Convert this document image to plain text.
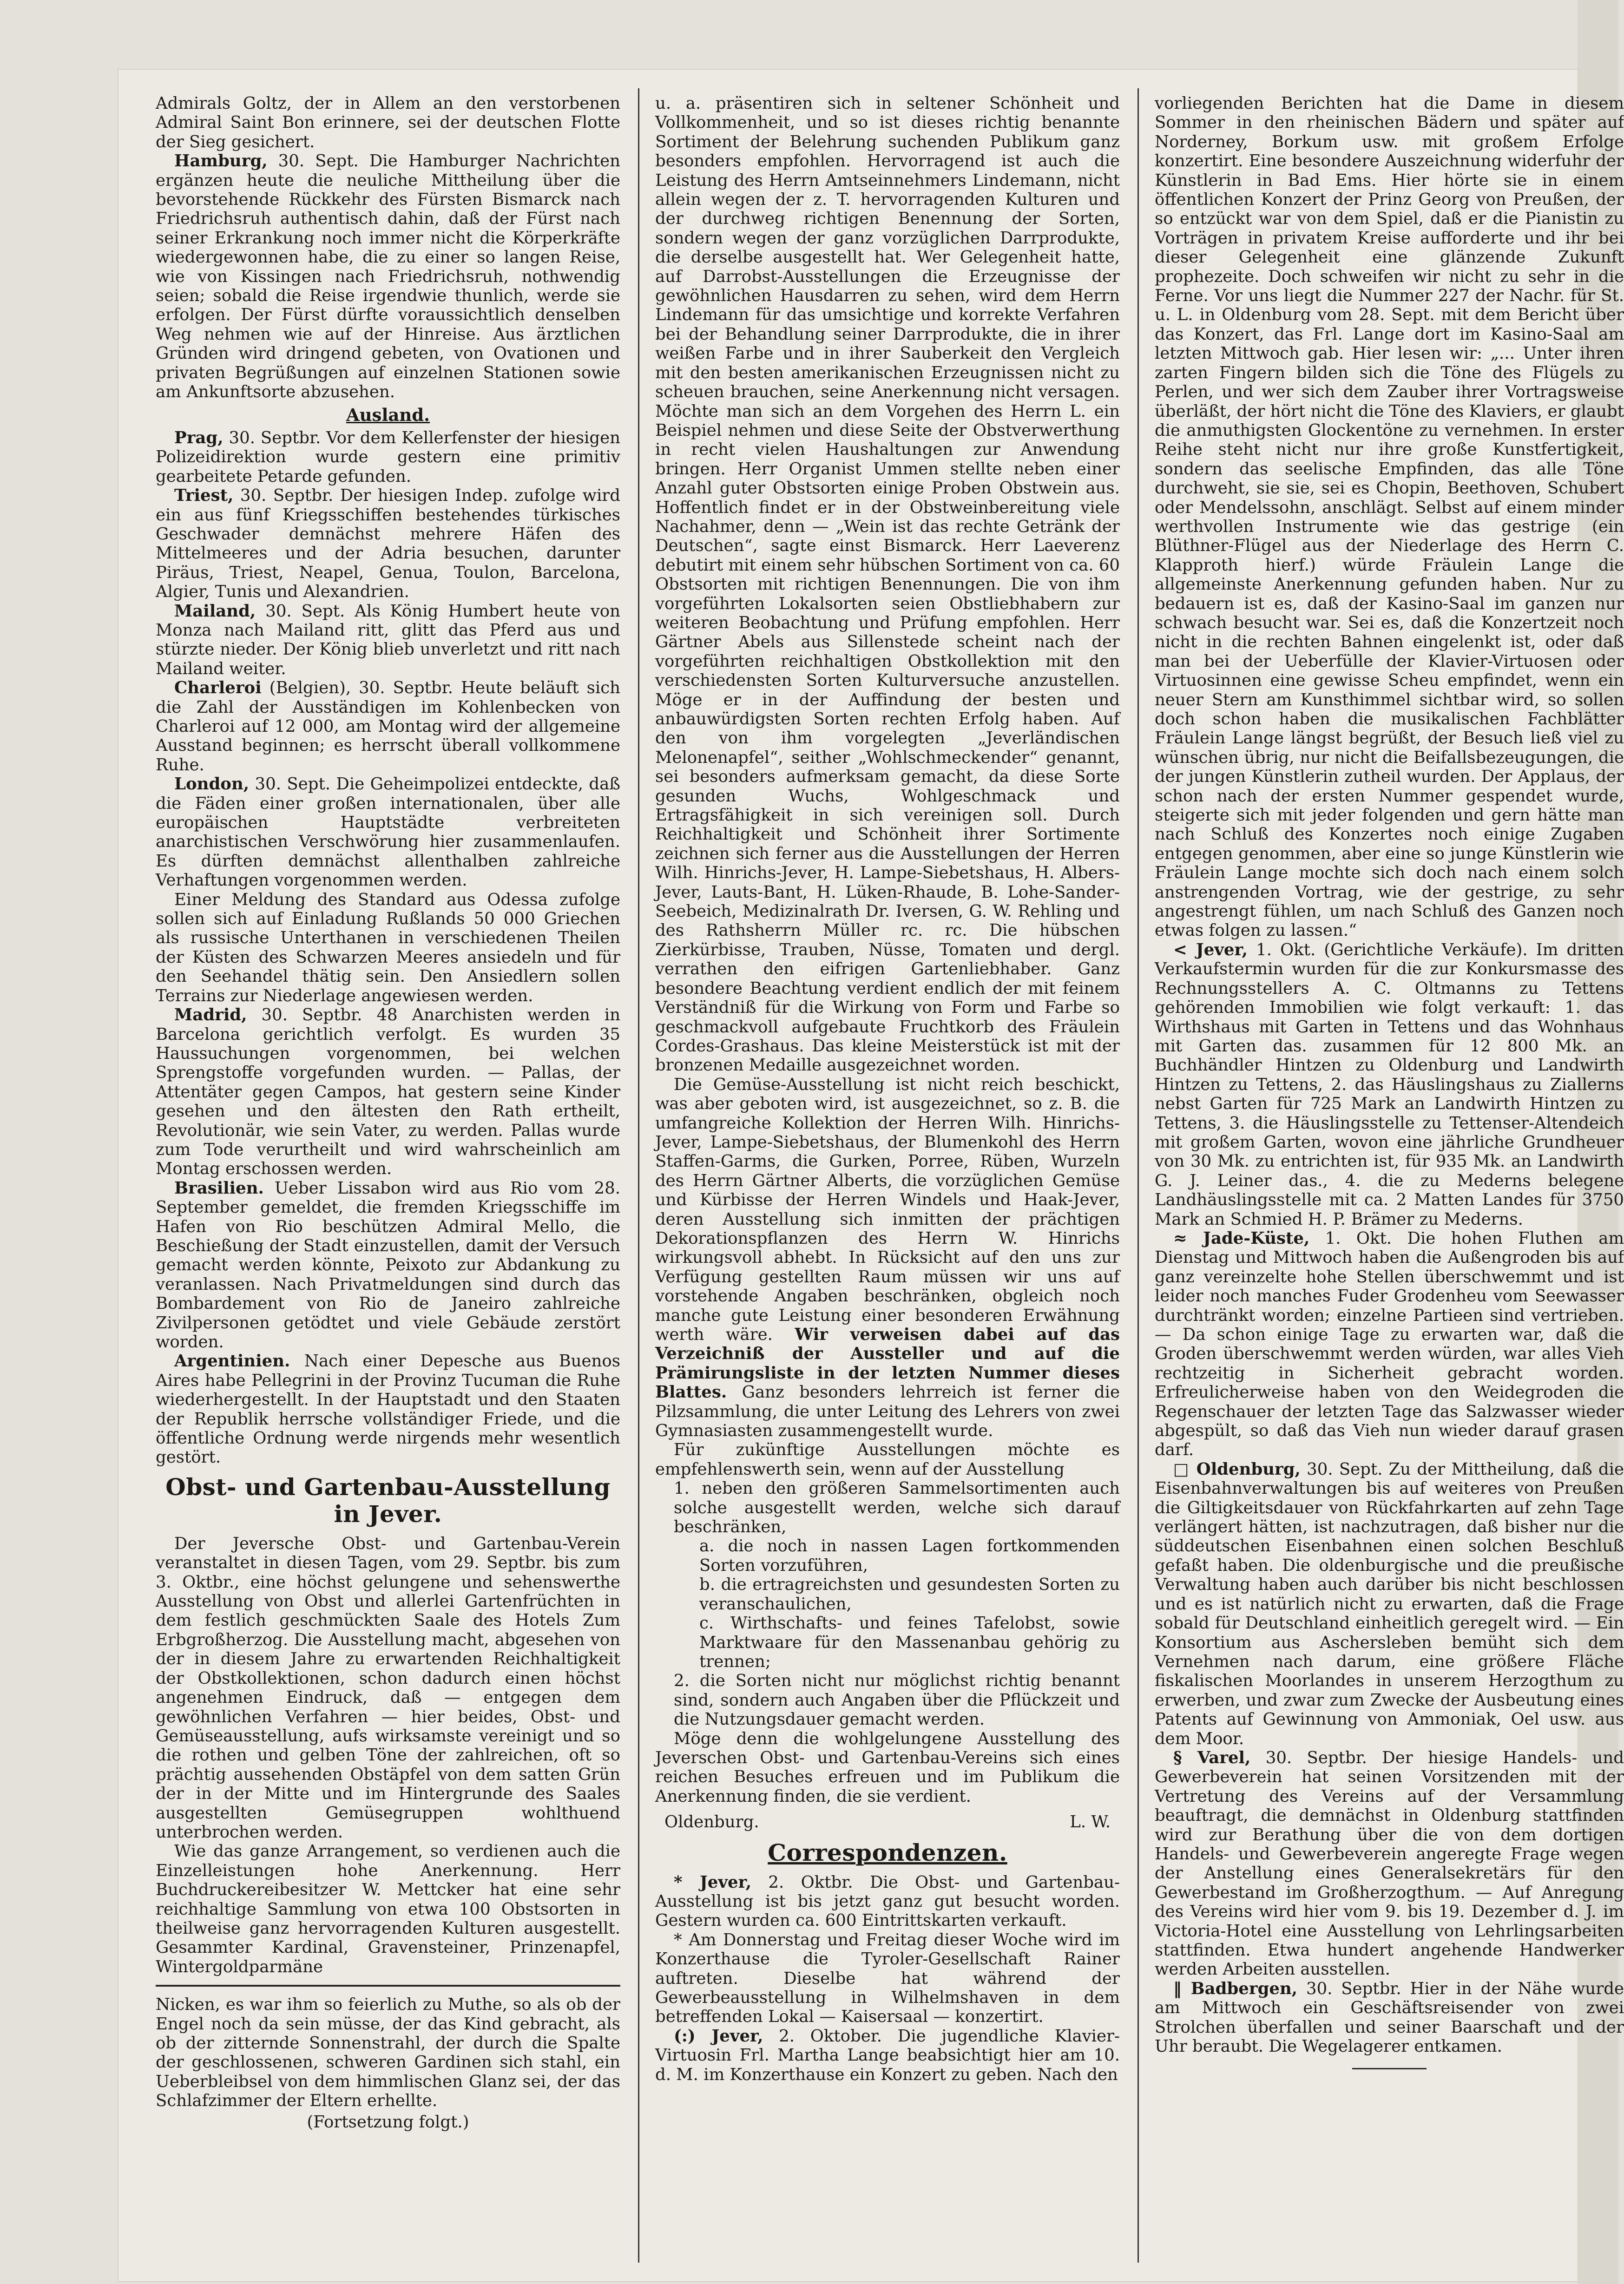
Admirals Goltz, der in Allem an den verstorbenen Admiral Saint Bon erinnere, sei der deutschen Flotte der Sieg gesichert.

Hamburg, 30. Sept. Die Hamburger Nachrichten ergänzen heute die neuliche Mittheilung über die bevorstehende Rückkehr des Fürsten Bismarck nach Friedrichsruh authentisch dahin, daß der Fürst nach seiner Erkrankung noch immer nicht die Körperkräfte wiedergewonnen habe, die zu einer so langen Reise, wie von Kissingen nach Friedrichsruh, nothwendig seien; sobald die Reise irgendwie thunlich, werde sie erfolgen. Der Fürst dürfte voraussichtlich denselben Weg nehmen wie auf der Hinreise. Aus ärztlichen Gründen wird dringend gebeten, von Ovationen und privaten Begrüßungen auf einzelnen Stationen sowie am Ankunftsorte abzusehen.

Ausland.

Prag, 30. Septbr. Vor dem Kellerfenster der hiesigen Polizeidirektion wurde gestern eine primitiv gearbeitete Petarde gefunden.

Triest, 30. Septbr. Der hiesigen Indep. zufolge wird ein aus fünf Kriegsschiffen bestehendes türkisches Geschwader demnächst mehrere Häfen des Mittelmeeres und der Adria besuchen, darunter Piräus, Triest, Neapel, Genua, Toulon, Barcelona, Algier, Tunis und Alexandrien.

Mailand, 30. Sept. Als König Humbert heute von Monza nach Mailand ritt, glitt das Pferd aus und stürzte nieder. Der König blieb unverletzt und ritt nach Mailand weiter.

Charleroi (Belgien), 30. Septbr. Heute beläuft sich die Zahl der Ausständigen im Kohlenbecken von Charleroi auf 12 000, am Montag wird der allgemeine Ausstand beginnen; es herrscht überall vollkommene Ruhe.

London, 30. Sept. Die Geheimpolizei entdeckte, daß die Fäden einer großen internationalen, über alle europäischen Hauptstädte verbreiteten anarchistischen Verschwörung hier zusammenlaufen. Es dürften demnächst allenthalben zahlreiche Verhaftungen vorgenommen werden.

Einer Meldung des Standard aus Odessa zufolge sollen sich auf Einladung Rußlands 50 000 Griechen als russische Unterthanen in verschiedenen Theilen der Küsten des Schwarzen Meeres ansiedeln und für den Seehandel thätig sein. Den Ansiedlern sollen Terrains zur Niederlage angewiesen werden.

Madrid, 30. Septbr. 48 Anarchisten werden in Barcelona gerichtlich verfolgt. Es wurden 35 Haussuchungen vorgenommen, bei welchen Sprengstoffe vorgefunden wurden. — Pallas, der Attentäter gegen Campos, hat gestern seine Kinder gesehen und den ältesten den Rath ertheilt, Revolutionär, wie sein Vater, zu werden. Pallas wurde zum Tode verurtheilt und wird wahrscheinlich am Montag erschossen werden.

Brasilien. Ueber Lissabon wird aus Rio vom 28. September gemeldet, die fremden Kriegsschiffe im Hafen von Rio beschützen Admiral Mello, die Beschießung der Stadt einzustellen, damit der Versuch gemacht werden könnte, Peixoto zur Abdankung zu veranlassen. Nach Privatmeldungen sind durch das Bombardement von Rio de Janeiro zahlreiche Zivilpersonen getödtet und viele Gebäude zerstört worden.

Argentinien. Nach einer Depesche aus Buenos Aires habe Pellegrini in der Provinz Tucuman die Ruhe wiederhergestellt. In der Hauptstadt und den Staaten der Republik herrsche vollständiger Friede, und die öffentliche Ordnung werde nirgends mehr wesentlich gestört.

Obst- und Gartenbau-Ausstellung in Jever.

Der Jeversche Obst- und Gartenbau-Verein veranstaltet in diesen Tagen, vom 29. Septbr. bis zum 3. Oktbr., eine höchst gelungene und sehenswerthe Ausstellung von Obst und allerlei Gartenfrüchten in dem festlich geschmückten Saale des Hotels Zum Erbgroßherzog. Die Ausstellung macht, abgesehen von der in diesem Jahre zu erwartenden Reichhaltigkeit der Obstkollektionen, schon dadurch einen höchst angenehmen Eindruck, daß — entgegen dem gewöhnlichen Verfahren — hier beides, Obst- und Gemüseausstellung, aufs wirksamste vereinigt und so die rothen und gelben Töne der zahlreichen, oft so prächtig aussehenden Obstäpfel von dem satten Grün der in der Mitte und im Hintergrunde des Saales ausgestellten Gemüsegruppen wohlthuend unterbrochen werden.

Wie das ganze Arrangement, so verdienen auch die Einzelleistungen hohe Anerkennung. Herr Buchdruckereibesitzer W. Mettcker hat eine sehr reichhaltige Sammlung von etwa 100 Obstsorten in theilweise ganz hervorragenden Kulturen ausgestellt. Gesammter Kardinal, Gravensteiner, Prinzenapfel, Wintergoldparmäne

Nicken, es war ihm so feierlich zu Muthe, so als ob der Engel noch da sein müsse, der das Kind gebracht, als ob der zitternde Sonnenstrahl, der durch die Spalte der geschlossenen, schweren Gardinen sich stahl, ein Ueberbleibsel von dem himmlischen Glanz sei, der das Schlafzimmer der Eltern erhellte.

(Fortsetzung folgt.)

u. a. präsentiren sich in seltener Schönheit und Vollkommenheit, und so ist dieses richtig benannte Sortiment der Belehrung suchenden Publikum ganz besonders empfohlen. Hervorragend ist auch die Leistung des Herrn Amtseinnehmers Lindemann, nicht allein wegen der z. T. hervorragenden Kulturen und der durchweg richtigen Benennung der Sorten, sondern wegen der ganz vorzüglichen Darrprodukte, die derselbe ausgestellt hat. Wer Gelegenheit hatte, auf Darrobst-Ausstellungen die Erzeugnisse der gewöhnlichen Hausdarren zu sehen, wird dem Herrn Lindemann für das umsichtige und korrekte Verfahren bei der Behandlung seiner Darrprodukte, die in ihrer weißen Farbe und in ihrer Sauberkeit den Vergleich mit den besten amerikanischen Erzeugnissen nicht zu scheuen brauchen, seine Anerkennung nicht versagen. Möchte man sich an dem Vorgehen des Herrn L. ein Beispiel nehmen und diese Seite der Obstverwerthung in recht vielen Haushaltungen zur Anwendung bringen. Herr Organist Ummen stellte neben einer Anzahl guter Obstsorten einige Proben Obstwein aus. Hoffentlich findet er in der Obstweinbereitung viele Nachahmer, denn — „Wein ist das rechte Getränk der Deutschen“, sagte einst Bismarck. Herr Laeverenz debutirt mit einem sehr hübschen Sortiment von ca. 60 Obstsorten mit richtigen Benennungen. Die von ihm vorgeführten Lokalsorten seien Obstliebhabern zur weiteren Beobachtung und Prüfung empfohlen. Herr Gärtner Abels aus Sillenstede scheint nach der vorgeführten reichhaltigen Obstkollektion mit den verschiedensten Sorten Kulturversuche anzustellen. Möge er in der Auffindung der besten und anbauwürdigsten Sorten rechten Erfolg haben. Auf den von ihm vorgelegten „Jeverländischen Melonenapfel“, seither „Wohlschmeckender“ genannt, sei besonders aufmerksam gemacht, da diese Sorte gesunden Wuchs, Wohlgeschmack und Ertragsfähigkeit in sich vereinigen soll. Durch Reichhaltigkeit und Schönheit ihrer Sortimente zeichnen sich ferner aus die Ausstellungen der Herren Wilh. Hinrichs-Jever, H. Lampe-Siebetshaus, H. Albers-Jever, Lauts-Bant, H. Lüken-Rhaude, B. Lohe-Sander-Seebeich, Medizinalrath Dr. Iversen, G. W. Rehling und des Rathsherrn Müller rc. rc. Die hübschen Zierkürbisse, Trauben, Nüsse, Tomaten und dergl. verrathen den eifrigen Gartenliebhaber. Ganz besondere Beachtung verdient endlich der mit feinem Verständniß für die Wirkung von Form und Farbe so geschmackvoll aufgebaute Fruchtkorb des Fräulein Cordes-Grashaus. Das kleine Meisterstück ist mit der bronzenen Medaille ausgezeichnet worden.

Die Gemüse-Ausstellung ist nicht reich beschickt, was aber geboten wird, ist ausgezeichnet, so z. B. die umfangreiche Kollektion der Herren Wilh. Hinrichs-Jever, Lampe-Siebetshaus, der Blumenkohl des Herrn Staffen-Garms, die Gurken, Porree, Rüben, Wurzeln des Herrn Gärtner Alberts, die vorzüglichen Gemüse und Kürbisse der Herren Windels und Haak-Jever, deren Ausstellung sich inmitten der prächtigen Dekorationspflanzen des Herrn W. Hinrichs wirkungsvoll abhebt. In Rücksicht auf den uns zur Verfügung gestellten Raum müssen wir uns auf vorstehende Angaben beschränken, obgleich noch manche gute Leistung einer besonderen Erwähnung werth wäre. Wir verweisen dabei auf das Verzeichniß der Aussteller und auf die Prämirungsliste in der letzten Nummer dieses Blattes. Ganz besonders lehrreich ist ferner die Pilzsammlung, die unter Leitung des Lehrers von zwei Gymnasiasten zusammengestellt wurde.

Für zukünftige Ausstellungen möchte es empfehlenswerth sein, wenn auf der Ausstellung

1. neben den größeren Sammelsortimenten auch solche ausgestellt werden, welche sich darauf beschränken,

a. die noch in nassen Lagen fortkommenden Sorten vorzuführen,

b. die ertragreichsten und gesundesten Sorten zu veranschaulichen,

c. Wirthschafts- und feines Tafelobst, sowie Marktwaare für den Massenanbau gehörig zu trennen;

2. die Sorten nicht nur möglichst richtig benannt sind, sondern auch Angaben über die Pflückzeit und die Nutzungsdauer gemacht werden.

Möge denn die wohlgelungene Ausstellung des Jeverschen Obst- und Gartenbau-Vereins sich eines reichen Besuches erfreuen und im Publikum die Anerkennung finden, die sie verdient.

Oldenburg.	L. W.
Correspondenzen.

* Jever, 2. Oktbr. Die Obst- und Gartenbau-Ausstellung ist bis jetzt ganz gut besucht worden. Gestern wurden ca. 600 Eintrittskarten verkauft.

* Am Donnerstag und Freitag dieser Woche wird im Konzerthause die Tyroler-Gesellschaft Rainer auftreten. Dieselbe hat während der Gewerbeausstellung in Wilhelmshaven in dem betreffenden Lokal — Kaisersaal — konzertirt.

(:) Jever, 2. Oktober. Die jugendliche Klavier-Virtuosin Frl. Martha Lange beabsichtigt hier am 10. d. M. im Konzerthause ein Konzert zu geben. Nach den

vorliegenden Berichten hat die Dame in diesem Sommer in den rheinischen Bädern und später auf Norderney, Borkum usw. mit großem Erfolge konzertirt. Eine besondere Auszeichnung widerfuhr der Künstlerin in Bad Ems. Hier hörte sie in einem öffentlichen Konzert der Prinz Georg von Preußen, der so entzückt war von dem Spiel, daß er die Pianistin zu Vorträgen in privatem Kreise aufforderte und ihr bei dieser Gelegenheit eine glänzende Zukunft prophezeite. Doch schweifen wir nicht zu sehr in die Ferne. Vor uns liegt die Nummer 227 der Nachr. für St. u. L. in Oldenburg vom 28. Sept. mit dem Bericht über das Konzert, das Frl. Lange dort im Kasino-Saal am letzten Mittwoch gab. Hier lesen wir: „... Unter ihren zarten Fingern bilden sich die Töne des Flügels zu Perlen, und wer sich dem Zauber ihrer Vortragsweise überläßt, der hört nicht die Töne des Klaviers, er glaubt die anmuthigsten Glockentöne zu vernehmen. In erster Reihe steht nicht nur ihre große Kunstfertigkeit, sondern das seelische Empfinden, das alle Töne durchweht, sie sie, sei es Chopin, Beethoven, Schubert oder Mendelssohn, anschlägt. Selbst auf einem minder werthvollen Instrumente wie das gestrige (ein Blüthner-Flügel aus der Niederlage des Herrn C. Klapproth hierf.) würde Fräulein Lange die allgemeinste Anerkennung gefunden haben. Nur zu bedauern ist es, daß der Kasino-Saal im ganzen nur schwach besucht war. Sei es, daß die Konzertzeit noch nicht in die rechten Bahnen eingelenkt ist, oder daß man bei der Ueberfülle der Klavier-Virtuosen oder Virtuosinnen eine gewisse Scheu empfindet, wenn ein neuer Stern am Kunsthimmel sichtbar wird, so sollen doch schon haben die musikalischen Fachblätter Fräulein Lange längst begrüßt, der Besuch ließ viel zu wünschen übrig, nur nicht die Beifallsbezeugungen, die der jungen Künstlerin zutheil wurden. Der Applaus, der schon nach der ersten Nummer gespendet wurde, steigerte sich mit jeder folgenden und gern hätte man nach Schluß des Konzertes noch einige Zugaben entgegen genommen, aber eine so junge Künstlerin wie Fräulein Lange mochte sich doch nach einem solch anstrengenden Vortrag, wie der gestrige, zu sehr angestrengt fühlen, um nach Schluß des Ganzen noch etwas folgen zu lassen.“

< Jever, 1. Okt. (Gerichtliche Verkäufe). Im dritten Verkaufstermin wurden für die zur Konkursmasse des Rechnungsstellers A. C. Oltmanns zu Tettens gehörenden Immobilien wie folgt verkauft: 1. das Wirthshaus mit Garten in Tettens und das Wohnhaus mit Garten das. zusammen für 12 800 Mk. an Buchhändler Hintzen zu Oldenburg und Landwirth Hintzen zu Tettens, 2. das Häuslingshaus zu Ziallerns nebst Garten für 725 Mark an Landwirth Hintzen zu Tettens, 3. die Häuslingsstelle zu Tettenser-Altendeich mit großem Garten, wovon eine jährliche Grundheuer von 30 Mk. zu entrichten ist, für 935 Mk. an Landwirth G. J. Leiner das., 4. die zu Mederns belegene Landhäuslingsstelle mit ca. 2 Matten Landes für 3750 Mark an Schmied H. P. Brämer zu Mederns.

≈ Jade-Küste, 1. Okt. Die hohen Fluthen am Dienstag und Mittwoch haben die Außengroden bis auf ganz vereinzelte hohe Stellen überschwemmt und ist leider noch manches Fuder Grodenheu vom Seewasser durchtränkt worden; einzelne Partieen sind vertrieben. — Da schon einige Tage zu erwarten war, daß die Groden überschwemmt werden würden, war alles Vieh rechtzeitig in Sicherheit gebracht worden. Erfreulicherweise haben von den Weidegroden die Regenschauer der letzten Tage das Salzwasser wieder abgespült, so daß das Vieh nun wieder darauf grasen darf.

□ Oldenburg, 30. Sept. Zu der Mittheilung, daß die Eisenbahnverwaltungen bis auf weiteres von Preußen die Giltigkeitsdauer von Rückfahrkarten auf zehn Tage verlängert hätten, ist nachzutragen, daß bisher nur die süddeutschen Eisenbahnen einen solchen Beschluß gefaßt haben. Die oldenburgische und die preußische Verwaltung haben auch darüber bis nicht beschlossen und es ist natürlich nicht zu erwarten, daß die Frage sobald für Deutschland einheitlich geregelt wird. — Ein Konsortium aus Aschersleben bemüht sich dem Vernehmen nach darum, eine größere Fläche fiskalischen Moorlandes in unserem Herzogthum zu erwerben, und zwar zum Zwecke der Ausbeutung eines Patents auf Gewinnung von Ammoniak, Oel usw. aus dem Moor.

§ Varel, 30. Septbr. Der hiesige Handels- und Gewerbeverein hat seinen Vorsitzenden mit der Vertretung des Vereins auf der Versammlung beauftragt, die demnächst in Oldenburg stattfinden wird zur Berathung über die von dem dortigen Handels- und Gewerbeverein angeregte Frage wegen der Anstellung eines Generalsekretärs für den Gewerbestand im Großherzogthum. — Auf Anregung des Vereins wird hier vom 9. bis 19. Dezember d. J. im Victoria-Hotel eine Ausstellung von Lehrlingsarbeiten stattfinden. Etwa hundert angehende Handwerker werden Arbeiten ausstellen.

‖ Badbergen, 30. Septbr. Hier in der Nähe wurde am Mittwoch ein Geschäftsreisender von zwei Strolchen überfallen und seiner Baarschaft und der Uhr beraubt. Die Wegelagerer entkamen.
